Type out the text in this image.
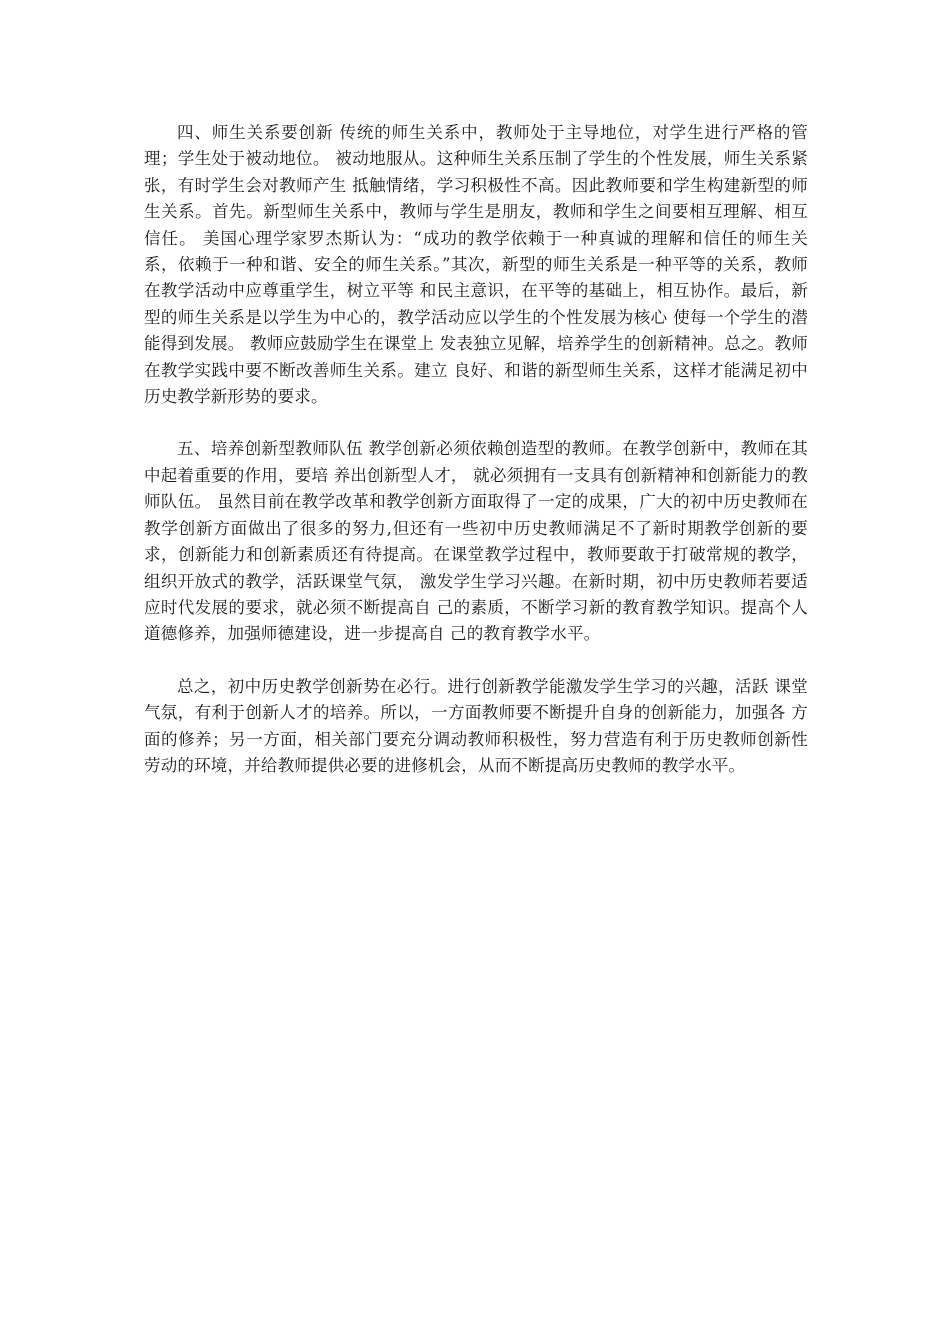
四、师生关系要创新 传统的师生关系中，教师处于主导地位，对学生进行严格的管理；学生处于被动地位。 被动地服从。这种师生关系压制了学生的个性发展，师生关系紧张，有时学生会对教师产生 抵触情绪，学习积极性不高。因此教师要和学生构建新型的师生关系。首先。新型师生关系中，教师与学生是朋友，教师和学生之间要相互理解、相互信任。 美国心理学家罗杰斯认为：“成功的教学依赖于一种真诚的理解和信任的师生关系，依赖于一种和谐、安全的师生关系。”其次，新型的师生关系是一种平等的关系，教师在教学活动中应尊重学生，树立平等 和民主意识，在平等的基础上，相互协作。最后，新型的师生关系是以学生为中心的，教学活动应以学生的个性发展为核心 使每一个学生的潜能得到发展。 教师应鼓励学生在课堂上 发表独立见解，培养学生的创新精神。总之。教师在教学实践中要不断改善师生关系。建立 良好、和谐的新型师生关系，这样才能满足初中历史教学新形势的要求。

五、培养创新型教师队伍 教学创新必须依赖创造型的教师。在教学创新中，教师在其中起着重要的作用，要培 养出创新型人才， 就必须拥有一支具有创新精神和创新能力的教师队伍。 虽然目前在教学改革和教学创新方面取得了一定的成果，广大的初中历史教师在教学创新方面做出了很多的努力,但还有一些初中历史教师满足不了新时期教学创新的要求，创新能力和创新素质还有待提高。在课堂教学过程中，教师要敢于打破常规的教学，组织开放式的教学，活跃课堂气氛， 激发学生学习兴趣。在新时期，初中历史教师若要适应时代发展的要求，就必须不断提高自 己的素质，不断学习新的教育教学知识。提高个人道德修养，加强师德建设，进一步提高自 己的教育教学水平。

总之，初中历史教学创新势在必行。进行创新教学能激发学生学习的兴趣，活跃 课堂气氛，有利于创新人才的培养。所以，一方面教师要不断提升自身的创新能力，加强各 方面的修养；另一方面，相关部门要充分调动教师积极性，努力营造有利于历史教师创新性 劳动的环境，并给教师提供必要的进修机会，从而不断提高历史教师的教学水平。
